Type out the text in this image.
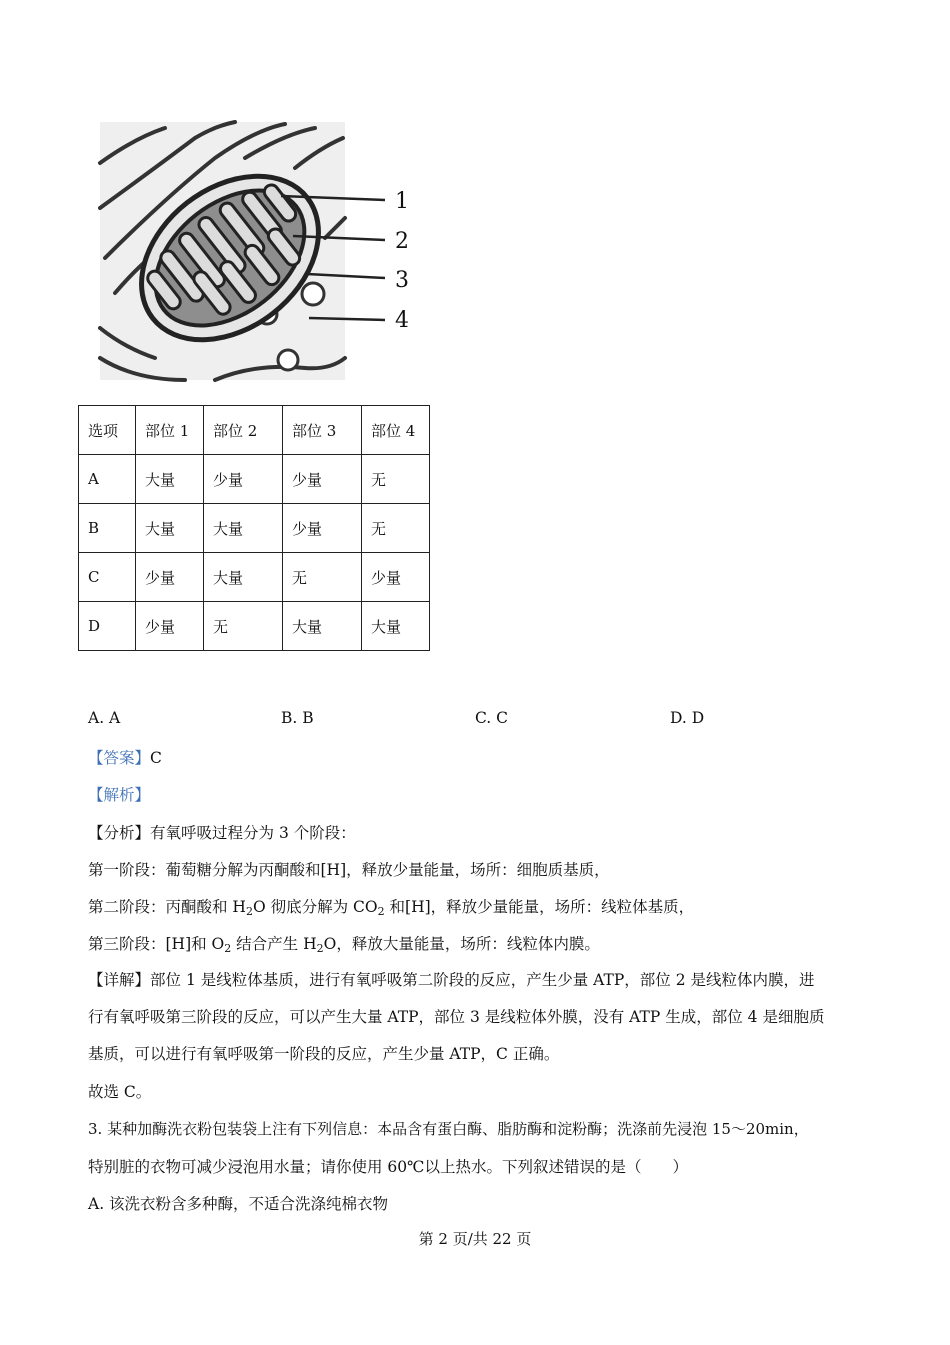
1
2
3
4
选项	部位 1	部位 2	部位 3	部位 4
A	大量	少量	少量	无
B	大量	大量	少量	无
C	少量	大量	无	少量
D	少量	无	大量	大量
A. A	B. B	C. C	D. D
【答案】C
【解析】
【分析】有氧呼吸过程分为 3 个阶段：
第一阶段：葡萄糖分解为丙酮酸和[H]，释放少量能量，场所：细胞质基质，
第二阶段：丙酮酸和 $H_2O$ 彻底分解为 $CO_2$ 和[H]，释放少量能量，场所：线粒体基质，
第三阶段：[H]和 $O_2$ 结合产生 $H_2O$，释放大量能量，场所：线粒体内膜。
【详解】部位 1 是线粒体基质，进行有氧呼吸第二阶段的反应，产生少量 ATP，部位 2 是线粒体内膜，进
行有氧呼吸第三阶段的反应，可以产生大量 ATP，部位 3 是线粒体外膜，没有 ATP 生成，部位 4 是细胞质
基质，可以进行有氧呼吸第一阶段的反应，产生少量 ATP，C 正确。
故选 C。
3. 某种加酶洗衣粉包装袋上注有下列信息：本品含有蛋白酶、脂肪酶和淀粉酶；洗涤前先浸泡 15～20min，
特别脏的衣物可减少浸泡用水量；请你使用 60℃以上热水。下列叙述错误的是（　　）
A. 该洗衣粉含多种酶，不适合洗涤纯棉衣物
第 2 页/共 22 页
